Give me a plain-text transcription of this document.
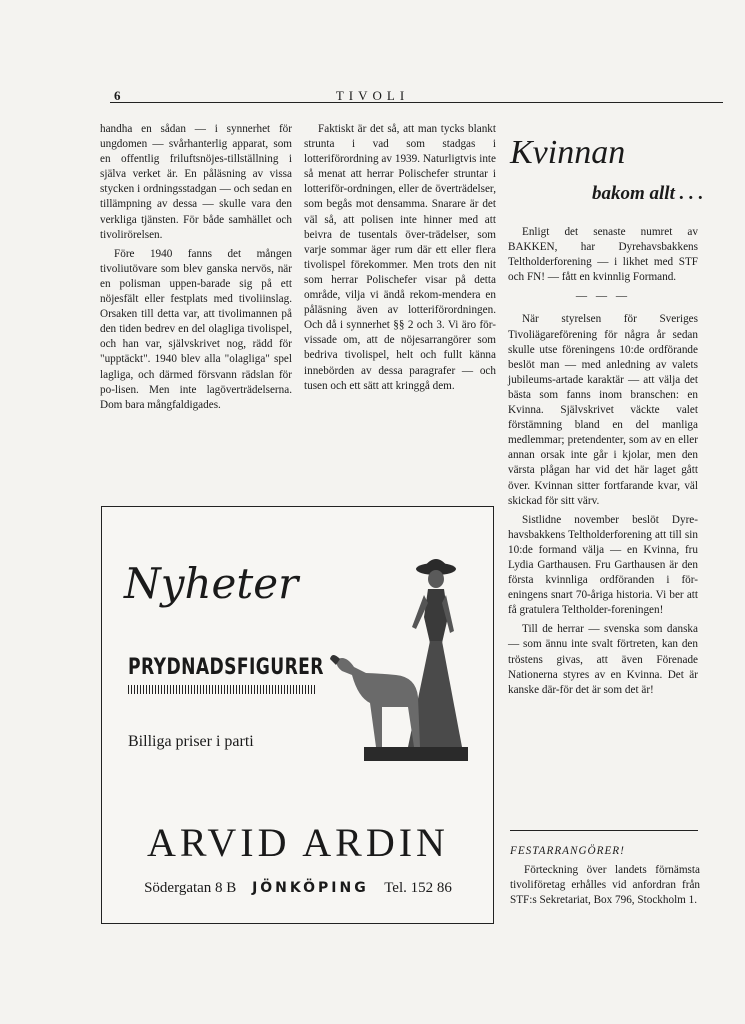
6	TIVOLI

handha en sådan — i synnerhet för ungdomen — svårhanterlig apparat, som en offentlig friluftsnöjes-tillställning i själva verket är. En påläsning av vissa stycken i ordningsstadgan — och sedan en tillämpning av dessa — skulle vara den verkliga tjänsten. För både samhället och tivolirörelsen.

Före 1940 fanns det mången tivoliutövare som blev ganska nervös, när en polisman uppen-barade sig på ett nöjesfält eller festplats med tivoliinslag. Orsaken till detta var, att tivolimannen på den tiden bedrev en del olagliga tivolispel, och han var, självskrivet nog, rädd för "upptäckt". 1940 blev alla "olagliga" spel lagliga, och därmed försvann rädslan för po-lisen. Men inte lagöverträdelserna. Dom bara mångfaldigades.

Faktiskt är det så, att man tycks blankt strunta i vad som stadgas i lotteriförordning av 1939. Naturligtvis inte så menat att herrar Polischefer struntar i lotteriför-ordningen, eller de överträdelser, som begås mot densamma. Snarare är det väl så, att polisen inte hinner med att beivra de tusentals över-trädelser, som varje sommar äger rum där ett eller flera tivolispel förekommer. Men trots den nit som herrar Polischefer visar på detta område, vilja vi ändå rekom-mendera en påläsning även av lotteriförordningen. Och då i synnerhet §§ 2 och 3. Vi äro för-vissade om, att de nöjesarrangörer som bedriva tivolispel, helt och fullt känna innebörden av dessa paragrafer — och tusen och ett sätt att kringgå dem.

Kvinnan
bakom allt . . .

Enligt det senaste numret av BAKKEN, har Dyrehavsbakkens Teltholderforening — i likhet med STF och FN! — fått en kvinnlig Formand.

— — —

När styrelsen för Sveriges Tivoliägareförening för några år sedan skulle utse föreningens 10:de ordförande beslöt man — med anledning av valets jubileums-artade karaktär — att välja det bästa som fanns inom branschen: en Kvinna. Självskrivet väckte valet förstämning bland en del manliga medlemmar; pretendenter, som av en eller annan orsak inte går i kjolar, men den värsta plågan har vid det här laget gått över. Kvinnan sitter fortfarande kvar, väl skickad för sitt värv.

Sistlidne november beslöt Dyre-havsbakkens Teltholderforening att till sin 10:de formand välja — en Kvinna, fru Lydia Garthausen. Fru Garthausen är den första kvinnliga ordföranden i för-eningens snart 70-åriga historia. Vi ber att få gratulera Teltholder-foreningen!

Till de herrar — svenska som danska — som ännu inte svalt förtreten, kan den tröstens givas, att även Förenade Nationerna styres av en Kvinna. Det är kanske där-för det är som det är!

FESTARRANGÖRER!

Förteckning över landets förnämsta tivoliföretag erhålles vid anfordran från STF:s Sekretariat, Box 796, Stockholm 1.

Nyheter
PRYDNADSFIGURER
Billiga priser i parti
ARVID ARDIN
Södergatan 8 B JÖNKÖPING Tel. 152 86
